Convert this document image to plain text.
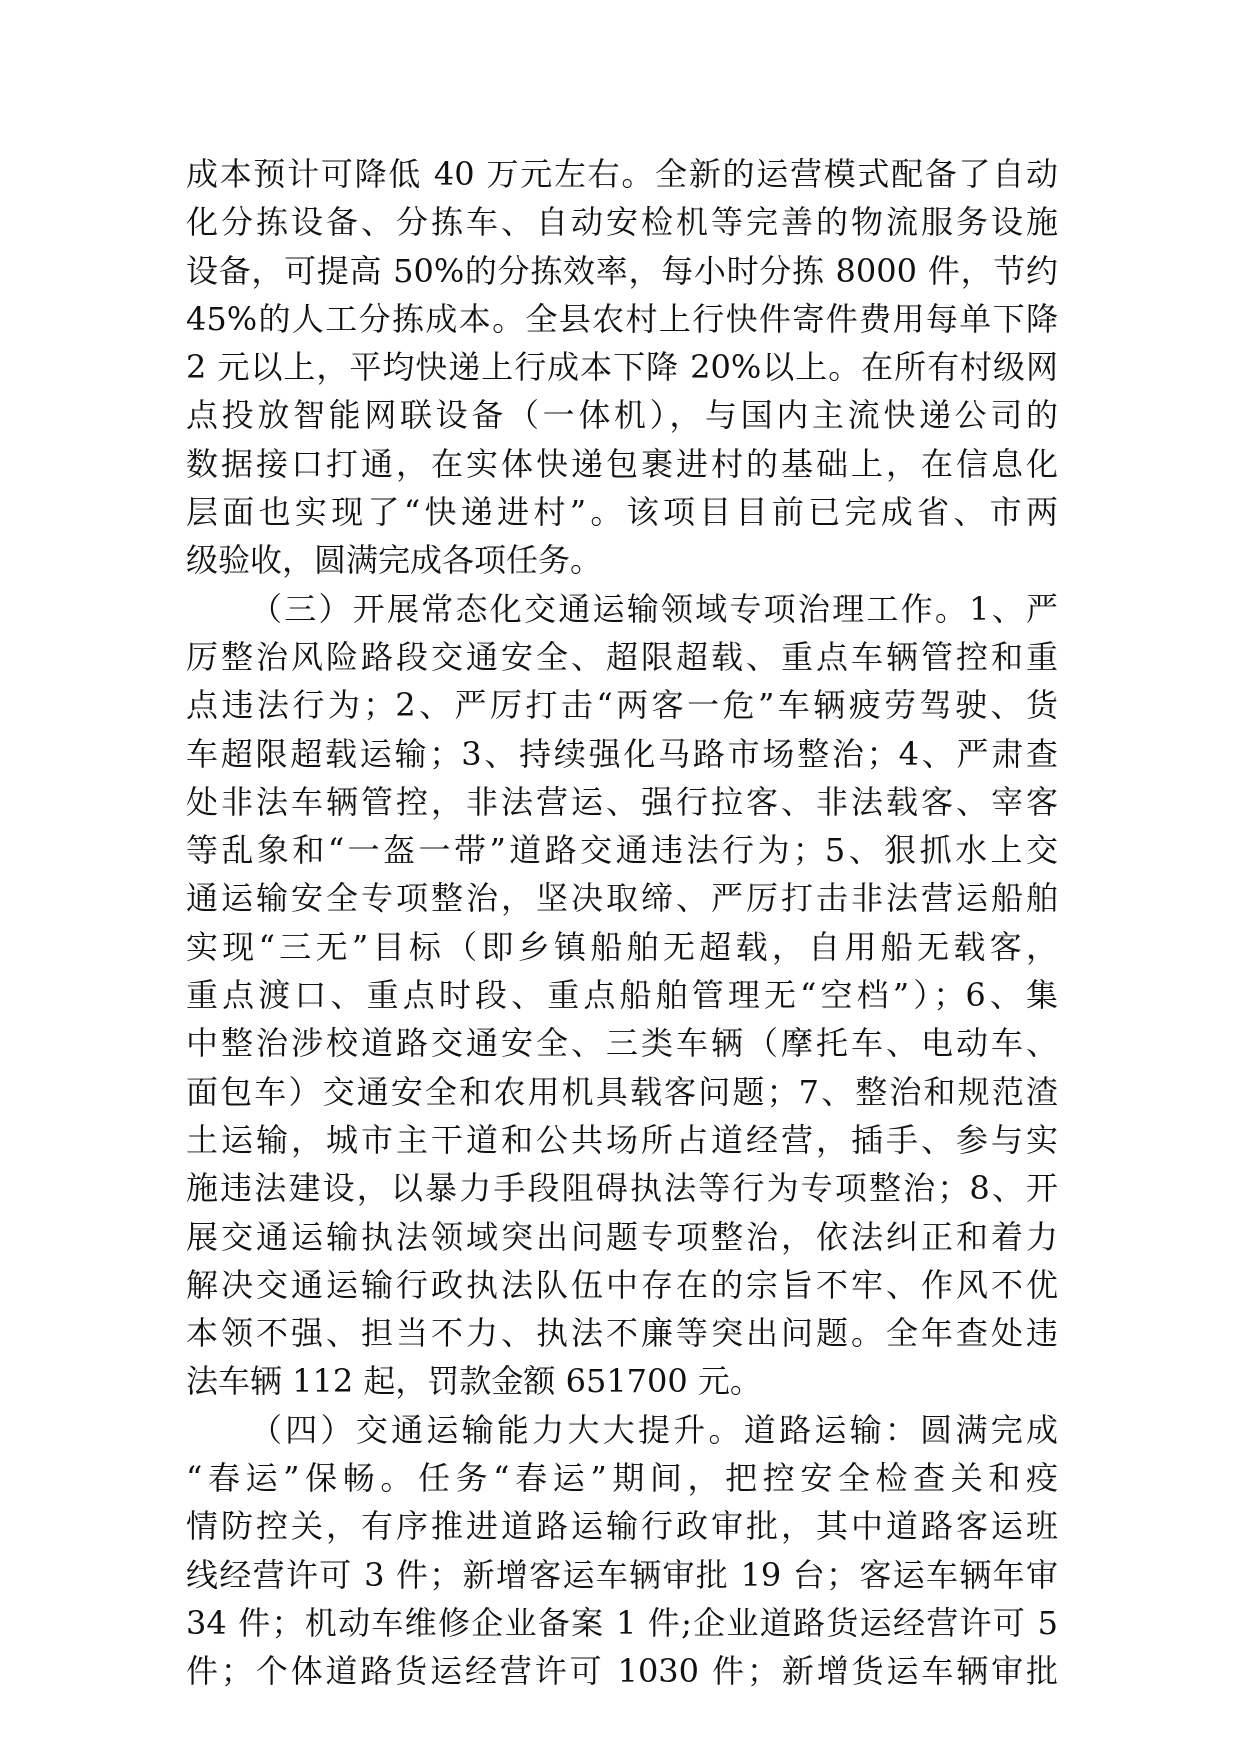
成本预计可降低 40 万元左右。全新的运营模式配备了自动
化分拣设备、分拣车、自动安检机等完善的物流服务设施
设备，可提高 50%的分拣效率，每小时分拣 8000 件，节约
45%的人工分拣成本。全县农村上行快件寄件费用每单下降
2 元以上，平均快递上行成本下降 20%以上。在所有村级网
点投放智能网联设备（一体机），与国内主流快递公司的
数据接口打通，在实体快递包裹进村的基础上，在信息化
层面也实现了“快递进村”。该项目目前已完成省、市两
级验收，圆满完成各项任务。
（三）开展常态化交通运输领域专项治理工作。1、严
厉整治风险路段交通安全、超限超载、重点车辆管控和重
点违法行为；2、严厉打击“两客一危”车辆疲劳驾驶、货
车超限超载运输；3、持续强化马路市场整治；4、严肃查
处非法车辆管控，非法营运、强行拉客、非法载客、宰客
等乱象和“一盔一带”道路交通违法行为；5、狠抓水上交
通运输安全专项整治，坚决取缔、严厉打击非法营运船舶
实现“三无”目标（即乡镇船舶无超载，自用船无载客，
重点渡口、重点时段、重点船舶管理无“空档”）；6、集
中整治涉校道路交通安全、三类车辆（摩托车、电动车、
面包车）交通安全和农用机具载客问题；7、整治和规范渣
土运输，城市主干道和公共场所占道经营，插手、参与实
施违法建设，以暴力手段阻碍执法等行为专项整治；8、开
展交通运输执法领域突出问题专项整治，依法纠正和着力
解决交通运输行政执法队伍中存在的宗旨不牢、作风不优
本领不强、担当不力、执法不廉等突出问题。全年查处违
法车辆 112 起，罚款金额 651700 元。
（四）交通运输能力大大提升。道路运输：圆满完成
“春运”保畅。任务“春运”期间，把控安全检查关和疫
情防控关，有序推进道路运输行政审批，其中道路客运班
线经营许可 3 件；新增客运车辆审批 19 台；客运车辆年审
34 件；机动车维修企业备案 1 件;企业道路货运经营许可 5
件；个体道路货运经营许可 1030 件；新增货运车辆审批
